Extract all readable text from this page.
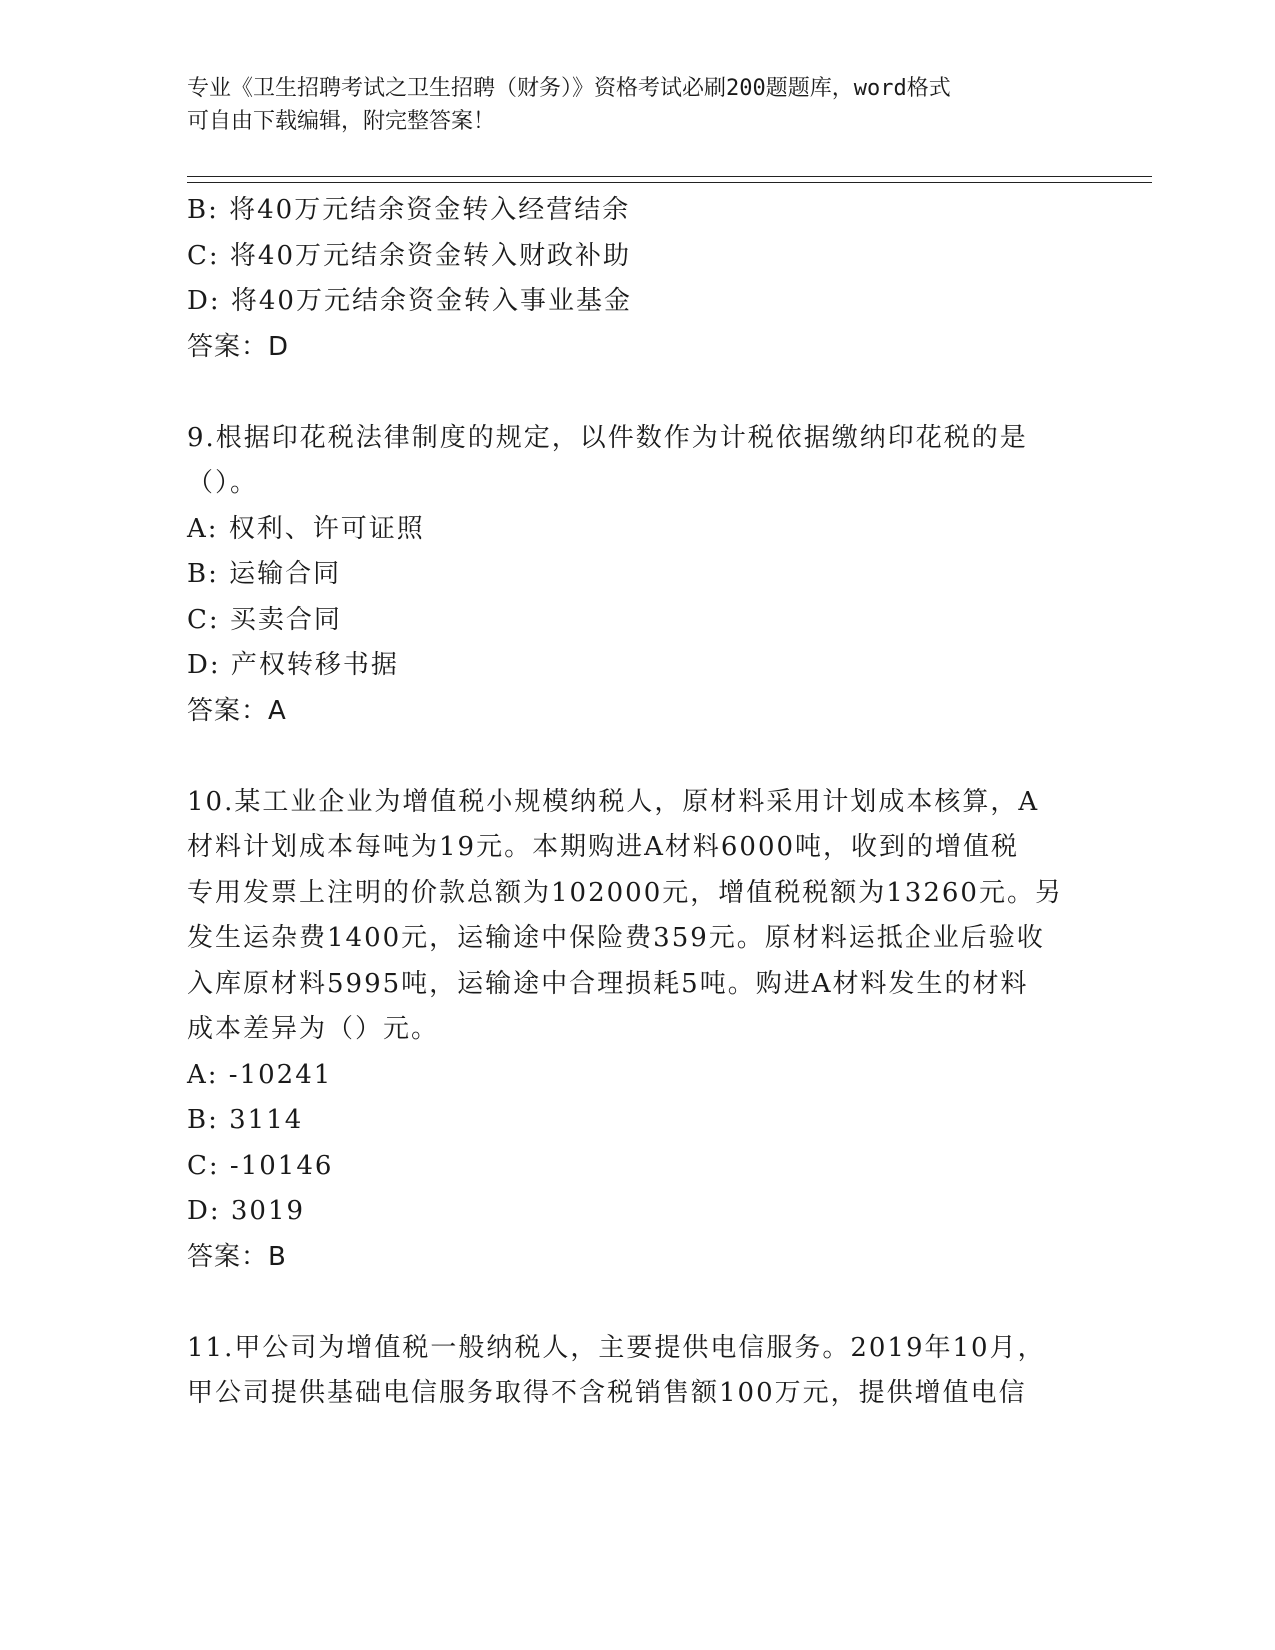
专业《卫生招聘考试之卫生招聘（财务）》资格考试必刷200题题库，word格式
可自由下载编辑，附完整答案！
B: 将40万元结余资金转入经营结余
C: 将40万元结余资金转入财政补助
D: 将40万元结余资金转入事业基金
答案：D
9.根据印花税法律制度的规定，以件数作为计税依据缴纳印花税的是
（）。
A: 权利、许可证照
B: 运输合同
C: 买卖合同
D: 产权转移书据
答案：A
10.某工业企业为增值税小规模纳税人，原材料采用计划成本核算，A
材料计划成本每吨为19元。本期购进A材料6000吨，收到的增值税
专用发票上注明的价款总额为102000元，增值税税额为13260元。另
发生运杂费1400元，运输途中保险费359元。原材料运抵企业后验收
入库原材料5995吨，运输途中合理损耗5吨。购进A材料发生的材料
成本差异为（）元。
A: -10241
B: 3114
C: -10146
D: 3019
答案：B
11.甲公司为增值税一般纳税人，主要提供电信服务。2019年10月，
甲公司提供基础电信服务取得不含税销售额100万元，提供增值电信
